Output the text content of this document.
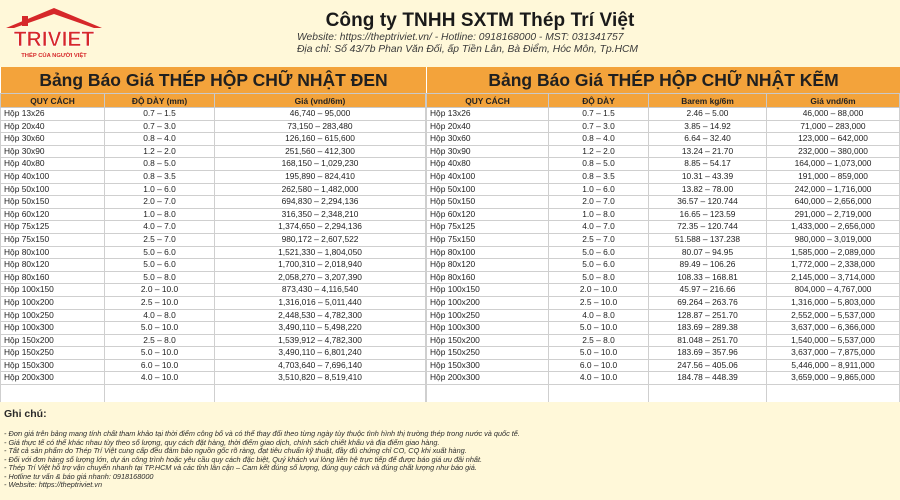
TRIVIET
THÉP CỦA NGƯỜI VIỆT
Công ty TNHH SXTM Thép Trí Việt
Website: https://theptriviet.vn/ - Hotline: 0918168000 - MST: 031341757
Địa chỉ: Số 43/7b Phan Văn Đối, ấp Tiền Lân, Bà Điểm, Hóc Môn, Tp.HCM
Bảng Báo Giá THÉP HỘP CHỮ NHẬT ĐEN
QUY CÁCH	ĐỘ DÀY (mm)	Giá (vnd/6m)
Hộp 13x26	0.7 – 1.5	46,740 – 95,000
Hộp 20x40	0.7 – 3.0	73,150 – 283,480
Hộp 30x60	0.8 – 4.0	126,160 – 615,600
Hộp 30x90	1.2 – 2.0	251,560 – 412,300
Hộp 40x80	0.8 – 5.0	168,150 – 1,029,230
Hộp 40x100	0.8 – 3.5	195,890 – 824,410
Hộp 50x100	1.0 – 6.0	262,580 – 1,482,000
Hộp 50x150	2.0 – 7.0	694,830 – 2,294,136
Hộp 60x120	1.0 – 8.0	316,350 – 2,348,210
Hộp 75x125	4.0 – 7.0	1,374,650 – 2,294,136
Hộp 75x150	2.5 – 7.0	980,172 – 2,607,522
Hộp 80x100	5.0 – 6.0	1,521,330 – 1,804,050
Hộp 80x120	5.0 – 6.0	1,700,310 – 2,018,940
Hộp 80x160	5.0 – 8.0	2,058,270 – 3,207,390
Hộp 100x150	2.0 – 10.0	873,430 – 4,116,540
Hộp 100x200	2.5 – 10.0	1,316,016 – 5,011,440
Hộp 100x250	4.0 – 8.0	2,448,530 – 4,782,300
Hộp 100x300	5.0 – 10.0	3,490,110 – 5,498,220
Hộp 150x200	2.5 – 8.0	1,539,912 – 4,782,300
Hộp 150x250	5.0 – 10.0	3,490,110 – 6,801,240
Hộp 150x300	6.0 – 10.0	4,703,640 – 7,696,140
Hộp 200x300	4.0 – 10.0	3,510,820 – 8,519,410

Bảng Báo Giá THÉP HỘP CHỮ NHẬT KẼM
QUY CÁCH	ĐỘ DÀY	Barem kg/6m	Giá vnd/6m
Hộp 13x26	0.7 – 1.5	2.46 – 5.00	46,000 – 88,000
Hộp 20x40	0.7 – 3.0	3.85 – 14.92	71,000 – 283,000
Hộp 30x60	0.8 – 4.0	6.64 – 32.40	123,000 – 642,000
Hộp 30x90	1.2 – 2.0	13.24 – 21.70	232,000 – 380,000
Hộp 40x80	0.8 – 5.0	8.85 – 54.17	164,000 – 1,073,000
Hộp 40x100	0.8 – 3.5	10.31 – 43.39	191,000 – 859,000
Hộp 50x100	1.0 – 6.0	13.82 – 78.00	242,000 – 1,716,000
Hộp 50x150	2.0 – 7.0	36.57 – 120.744	640,000 – 2,656,000
Hộp 60x120	1.0 – 8.0	16.65 – 123.59	291,000 – 2,719,000
Hộp 75x125	4.0 – 7.0	72.35 – 120.744	1,433,000 – 2,656,000
Hộp 75x150	2.5 – 7.0	51.588 – 137.238	980,000 – 3,019,000
Hộp 80x100	5.0 – 6.0	80.07 – 94.95	1,585,000 – 2,089,000
Hộp 80x120	5.0 – 6.0	89.49 – 106.26	1,772,000 – 2,338,000
Hộp 80x160	5.0 – 8.0	108.33 – 168.81	2,145,000 – 3,714,000
Hộp 100x150	2.0 – 10.0	45.97 – 216.66	804,000 – 4,767,000
Hộp 100x200	2.5 – 10.0	69.264 – 263.76	1,316,000 – 5,803,000
Hộp 100x250	4.0 – 8.0	128.87 – 251.70	2,552,000 – 5,537,000
Hộp 100x300	5.0 – 10.0	183.69 – 289.38	3,637,000 – 6,366,000
Hộp 150x200	2.5 – 8.0	81.048 – 251.70	1,540,000 – 5,537,000
Hộp 150x250	5.0 – 10.0	183.69 – 357.96	3,637,000 – 7,875,000
Hộp 150x300	6.0 – 10.0	247.56 – 405.06	5,446,000 – 8,911,000
Hộp 200x300	4.0 – 10.0	184.78 – 448.39	3,659,000 – 9,865,000

Ghi chú:
- Đơn giá trên bảng mang tính chất tham khảo tại thời điểm công bố và có thể thay đổi theo từng ngày tùy thuộc tình hình thị trường thép trong nước và quốc tế.
- Giá thực tế có thể khác nhau tùy theo số lượng, quy cách đặt hàng, thời điểm giao dịch, chính sách chiết khấu và địa điểm giao hàng.
- Tất cả sản phẩm do Thép Trí Việt cung cấp đều đảm bảo nguồn gốc rõ ràng, đạt tiêu chuẩn kỹ thuật, đầy đủ chứng chỉ CO, CQ khi xuất hàng.
- Đối với đơn hàng số lượng lớn, dự án công trình hoặc yêu cầu quy cách đặc biệt, Quý khách vui lòng liên hệ trực tiếp để được báo giá ưu đãi nhất.
- Thép Trí Việt hỗ trợ vận chuyển nhanh tại TP.HCM và các tỉnh lân cận – Cam kết đúng số lượng, đúng quy cách và đúng chất lượng như báo giá.
- Hotline tư vấn & báo giá nhanh: 0918168000
- Website: https://theptriviet.vn
